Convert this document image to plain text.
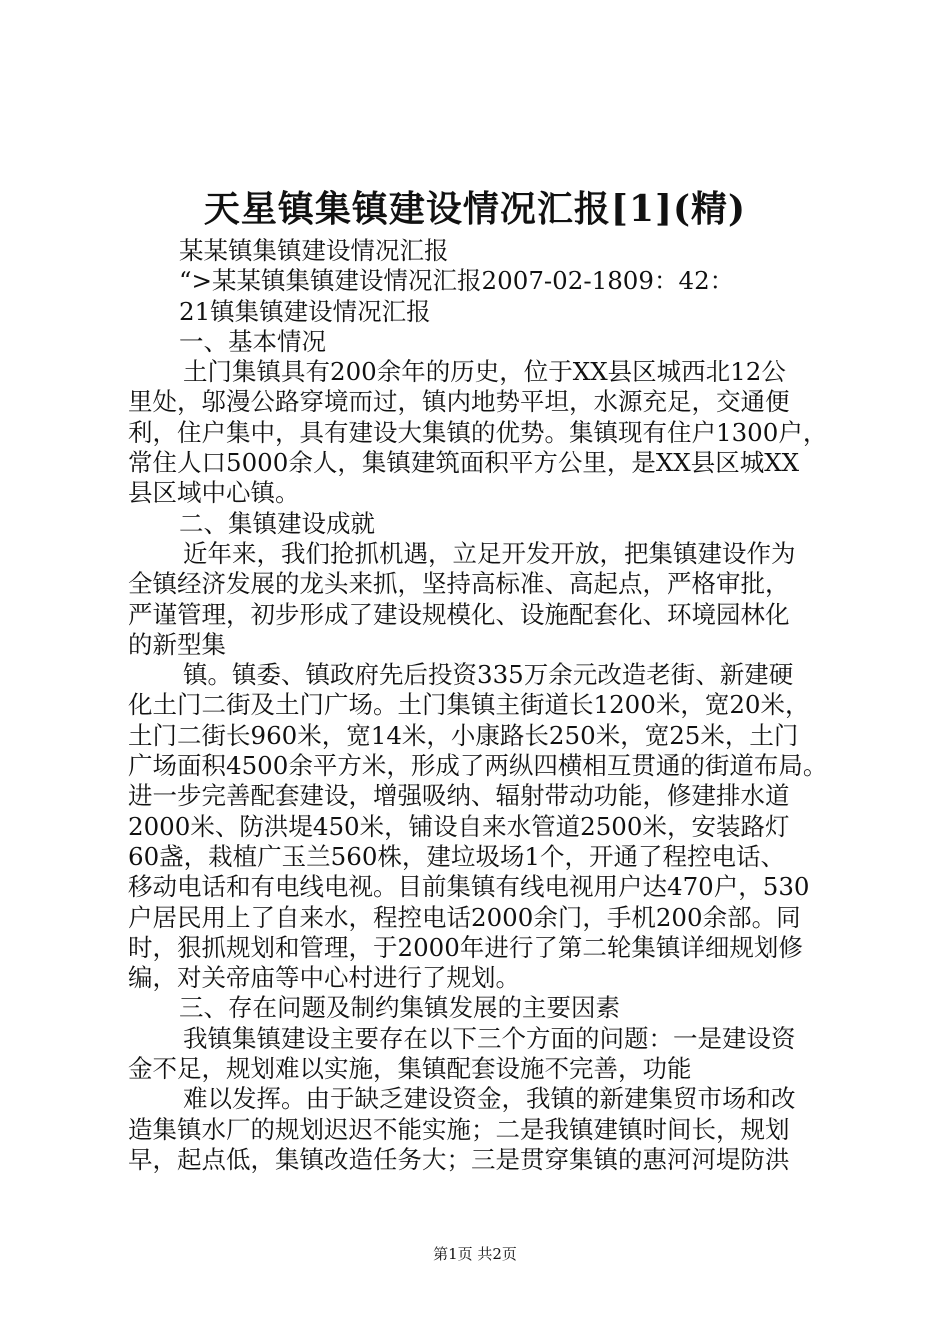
天星镇集镇建设情况汇报[1](精)
某某镇集镇建设情况汇报
“>某某镇集镇建设情况汇报2007-02-1809：42：
21镇集镇建设情况汇报
一、基本情况
土门集镇具有200余年的历史，位于XX县区城西北12公
里处，邬漫公路穿境而过，镇内地势平坦，水源充足，交通便
利，住户集中，具有建设大集镇的优势。集镇现有住户1300户，
常住人口5000余人，集镇建筑面积平方公里，是XX县区城XX
县区域中心镇。
二、集镇建设成就
近年来，我们抢抓机遇，立足开发开放，把集镇建设作为
全镇经济发展的龙头来抓，坚持高标准、高起点，严格审批，
严谨管理，初步形成了建设规模化、设施配套化、环境园林化
的新型集
镇。镇委、镇政府先后投资335万余元改造老街、新建硬
化土门二街及土门广场。土门集镇主街道长1200米，宽20米，
土门二街长960米，宽14米，小康路长250米，宽25米，土门
广场面积4500余平方米，形成了两纵四横相互贯通的街道布局。
进一步完善配套建设，增强吸纳、辐射带动功能，修建排水道
2000米、防洪堤450米，铺设自来水管道2500米，安装路灯
60盏，栽植广玉兰560株，建垃圾场1个，开通了程控电话、
移动电话和有电线电视。目前集镇有线电视用户达470户，530
户居民用上了自来水，程控电话2000余门，手机200余部。同
时，狠抓规划和管理，于2000年进行了第二轮集镇详细规划修
编，对关帝庙等中心村进行了规划。
三、存在问题及制约集镇发展的主要因素
我镇集镇建设主要存在以下三个方面的问题：一是建设资
金不足，规划难以实施，集镇配套设施不完善，功能
难以发挥。由于缺乏建设资金，我镇的新建集贸市场和改
造集镇水厂的规划迟迟不能实施；二是我镇建镇时间长，规划
早，起点低，集镇改造任务大；三是贯穿集镇的惠河河堤防洪
第1页 共2页
